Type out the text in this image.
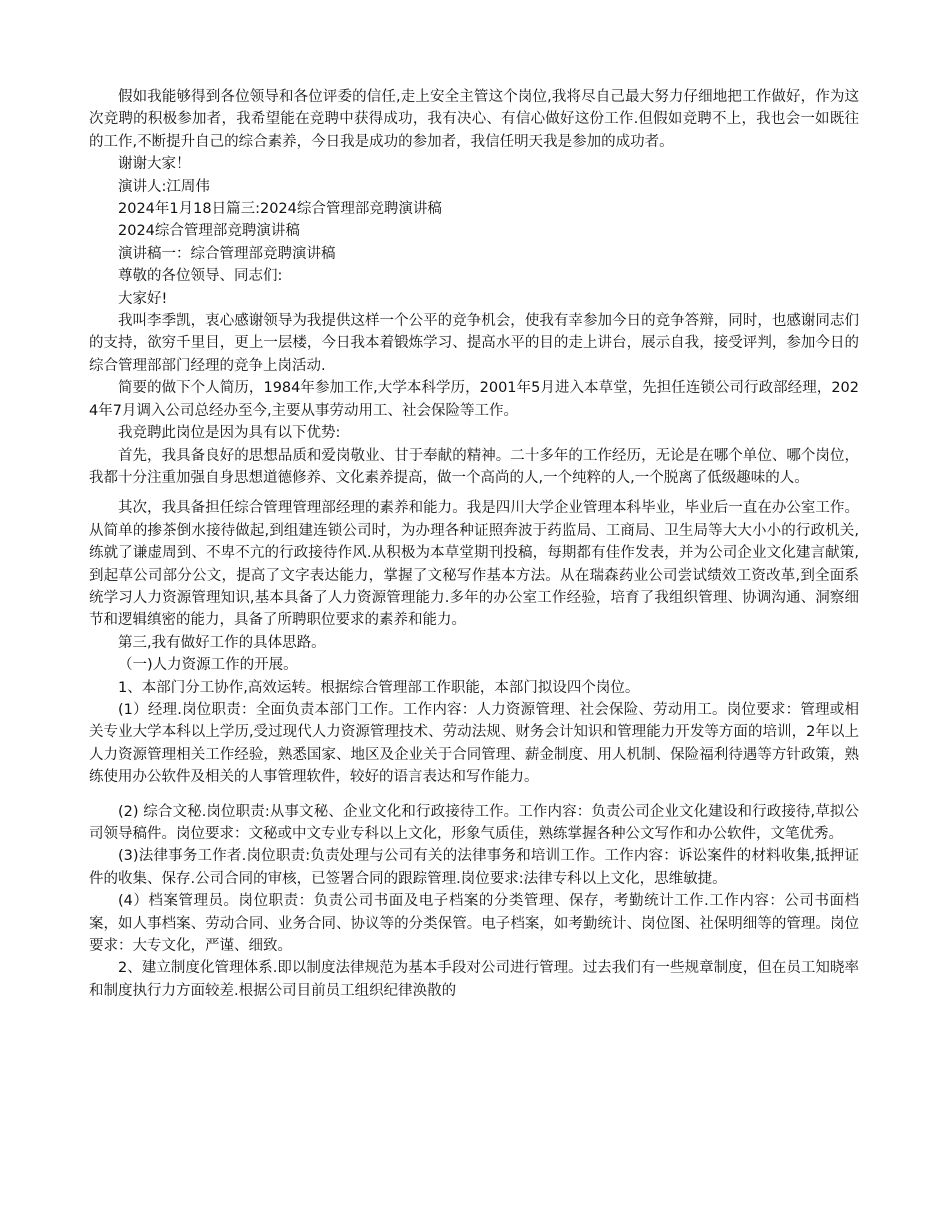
假如我能够得到各位领导和各位评委的信任,走上安全主管这个岗位,我将尽自己最大努力仔细地把工作做好，作为这次竞聘的积极参加者，我希望能在竞聘中获得成功，我有决心、有信心做好这份工作.但假如竞聘不上，我也会一如既往的工作,不断提升自己的综合素养，今日我是成功的参加者，我信任明天我是参加的成功者。

谢谢大家！

演讲人:江周伟

2024年1月18日篇三:2024综合管理部竞聘演讲稿

2024综合管理部竞聘演讲稿

演讲稿一：综合管理部竞聘演讲稿

尊敬的各位领导、同志们:

大家好!

我叫李季凯，衷心感谢领导为我提供这样一个公平的竞争机会，使我有幸参加今日的竞争答辩，同时，也感谢同志们的支持，欲穷千里目，更上一层楼，今日我本着锻炼学习、提高水平的目的走上讲台，展示自我，接受评判，参加今日的综合管理部部门经理的竞争上岗活动.

简要的做下个人简历，1984年参加工作,大学本科学历，2001年5月进入本草堂，先担任连锁公司行政部经理，2024年7月调入公司总经办至今,主要从事劳动用工、社会保险等工作。

我竞聘此岗位是因为具有以下优势:

首先，我具备良好的思想品质和爱岗敬业、甘于奉献的精神。二十多年的工作经历，无论是在哪个单位、哪个岗位，我都十分注重加强自身思想道德修养、文化素养提高，做一个高尚的人,一个纯粹的人,一个脱离了低级趣味的人。

其次，我具备担任综合管理管理部经理的素养和能力。我是四川大学企业管理本科毕业，毕业后一直在办公室工作。从简单的掺茶倒水接待做起,到组建连锁公司时，为办理各种证照奔波于药监局、工商局、卫生局等大大小小的行政机关,练就了谦虚周到、不卑不亢的行政接待作风.从积极为本草堂期刊投稿，每期都有佳作发表，并为公司企业文化建言献策,到起草公司部分公文，提高了文字表达能力，掌握了文秘写作基本方法。从在瑞森药业公司尝试绩效工资改革,到全面系统学习人力资源管理知识,基本具备了人力资源管理能力.多年的办公室工作经验，培育了我组织管理、协调沟通、洞察细节和逻辑缜密的能力，具备了所聘职位要求的素养和能力。

第三,我有做好工作的具体思路。

（一)人力资源工作的开展。

1、本部门分工协作,高效运转。根据综合管理部工作职能，本部门拟设四个岗位。

(1）经理.岗位职责：全面负责本部门工作。工作内容：人力资源管理、社会保险、劳动用工。岗位要求：管理或相关专业大学本科以上学历,受过现代人力资源管理技术、劳动法规、财务会计知识和管理能力开发等方面的培训，2年以上人力资源管理相关工作经验，熟悉国家、地区及企业关于合同管理、薪金制度、用人机制、保险福利待遇等方针政策，熟练使用办公软件及相关的人事管理软件，较好的语言表达和写作能力。

(2) 综合文秘.岗位职责:从事文秘、企业文化和行政接待工作。工作内容：负责公司企业文化建设和行政接待,草拟公司领导稿件。岗位要求：文秘或中文专业专科以上文化，形象气质佳，熟练掌握各种公文写作和办公软件，文笔优秀。

(3)法律事务工作者.岗位职责:负责处理与公司有关的法律事务和培训工作。工作内容：诉讼案件的材料收集,抵押证件的收集、保存.公司合同的审核，已签署合同的跟踪管理.岗位要求:法律专科以上文化，思维敏捷。

(4）档案管理员。岗位职责：负责公司书面及电子档案的分类管理、保存，考勤统计工作.工作内容：公司书面档案，如人事档案、劳动合同、业务合同、协议等的分类保管。电子档案，如考勤统计、岗位图、社保明细等的管理。岗位要求：大专文化，严谨、细致。

2、建立制度化管理体系.即以制度法律规范为基本手段对公司进行管理。过去我们有一些规章制度，但在员工知晓率和制度执行力方面较差.根据公司目前员工组织纪律涣散的
